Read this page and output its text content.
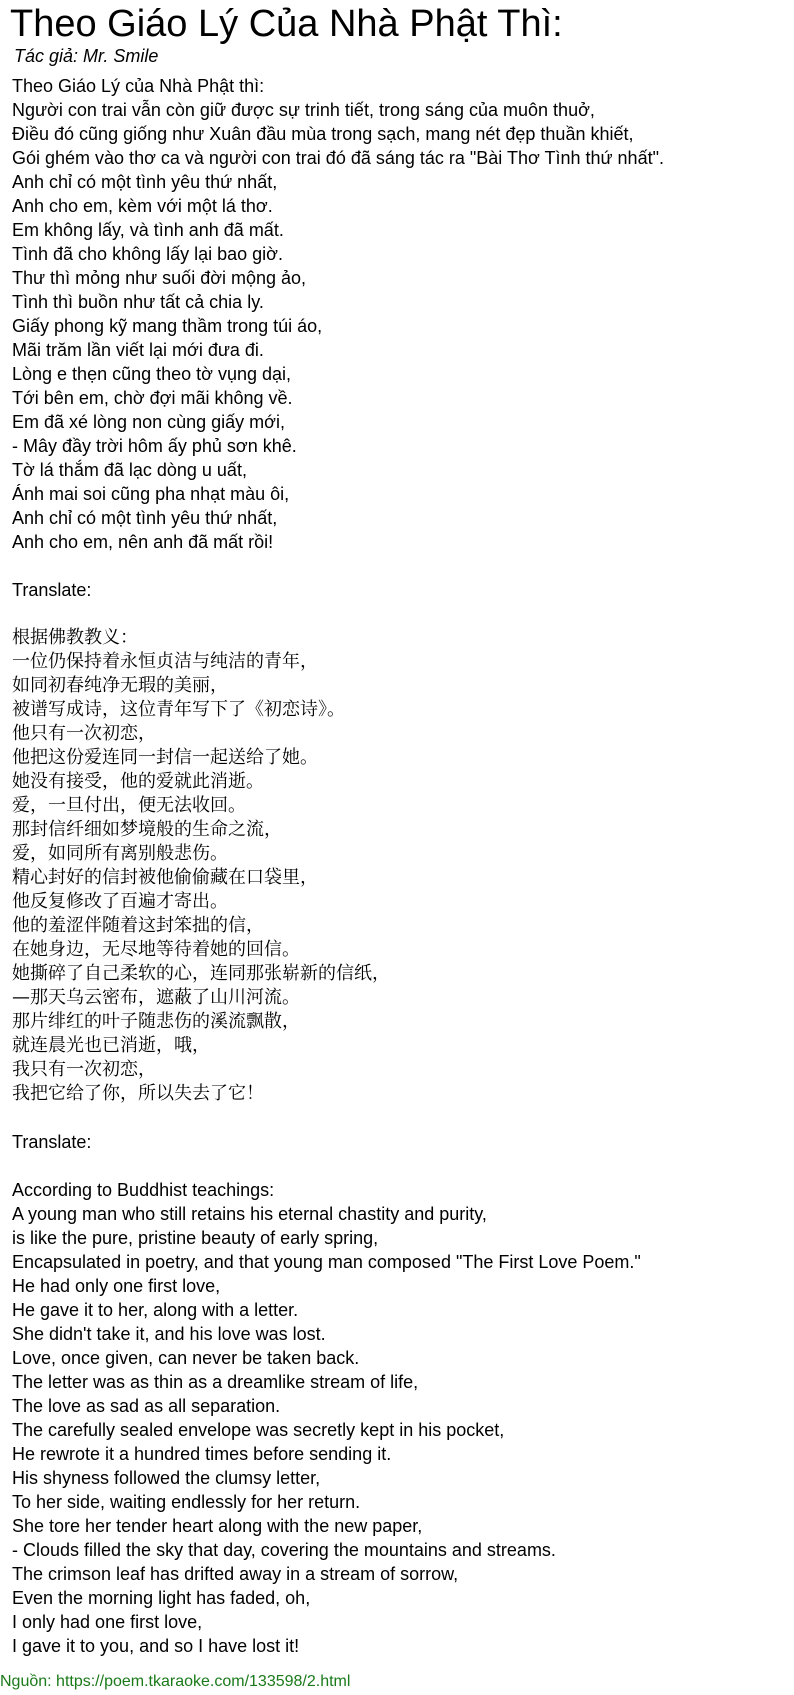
Theo Giáo Lý Của Nhà Phật Thì:
Tác giả: Mr. Smile
Theo Giáo Lý của Nhà Phật thì:
Người con trai vẫn còn giữ được sự trinh tiết, trong sáng của muôn thuở,
Điều đó cũng giống như Xuân đầu mùa trong sạch, mang nét đẹp thuần khiết,
Gói ghém vào thơ ca và người con trai đó đã sáng tác ra "Bài Thơ Tình thứ nhất".
Anh chỉ có một tình yêu thứ nhất,
Anh cho em, kèm với một lá thơ.
Em không lấy, và tình anh đã mất.
Tình đã cho không lấy lại bao giờ.
Thư thì mỏng như suối đời mộng ảo,
Tình thì buồn như tất cả chia ly.
Giấy phong kỹ mang thầm trong túi áo,
Mãi trăm lần viết lại mới đưa đi.
Lòng e thẹn cũng theo tờ vụng dại,
Tới bên em, chờ đợi mãi không về.
Em đã xé lòng non cùng giấy mới,
- Mây đầy trời hôm ấy phủ sơn khê.
Tờ lá thắm đã lạc dòng u uất,
Ánh mai soi cũng pha nhạt màu ôi,
Anh chỉ có một tình yêu thứ nhất,
Anh cho em, nên anh đã mất rồi!
Translate:
根据佛教教义：
一位仍保持着永恒贞洁与纯洁的青年，
如同初春纯净无瑕的美丽，
被谱写成诗，这位青年写下了《初恋诗》。
他只有一次初恋，
他把这份爱连同一封信一起送给了她。
她没有接受，他的爱就此消逝。
爱，一旦付出，便无法收回。
那封信纤细如梦境般的生命之流，
爱，如同所有离别般悲伤。
精心封好的信封被他偷偷藏在口袋里，
他反复修改了百遍才寄出。
他的羞涩伴随着这封笨拙的信，
在她身边，无尽地等待着她的回信。
她撕碎了自己柔软的心，连同那张崭新的信纸，
—那天乌云密布，遮蔽了山川河流。
那片绯红的叶子随悲伤的溪流飘散，
就连晨光也已消逝，哦，
我只有一次初恋，
我把它给了你，所以失去了它！
Translate:
According to Buddhist teachings:
A young man who still retains his eternal chastity and purity,
is like the pure, pristine beauty of early spring,
Encapsulated in poetry, and that young man composed "The First Love Poem."
He had only one first love,
He gave it to her, along with a letter.
She didn't take it, and his love was lost.
Love, once given, can never be taken back.
The letter was as thin as a dreamlike stream of life,
The love as sad as all separation.
The carefully sealed envelope was secretly kept in his pocket,
He rewrote it a hundred times before sending it.
His shyness followed the clumsy letter,
To her side, waiting endlessly for her return.
She tore her tender heart along with the new paper,
- Clouds filled the sky that day, covering the mountains and streams.
The crimson leaf has drifted away in a stream of sorrow,
Even the morning light has faded, oh,
I only had one first love,
I gave it to you, and so I have lost it!
Nguồn: https://poem.tkaraoke.com/133598/2.html
